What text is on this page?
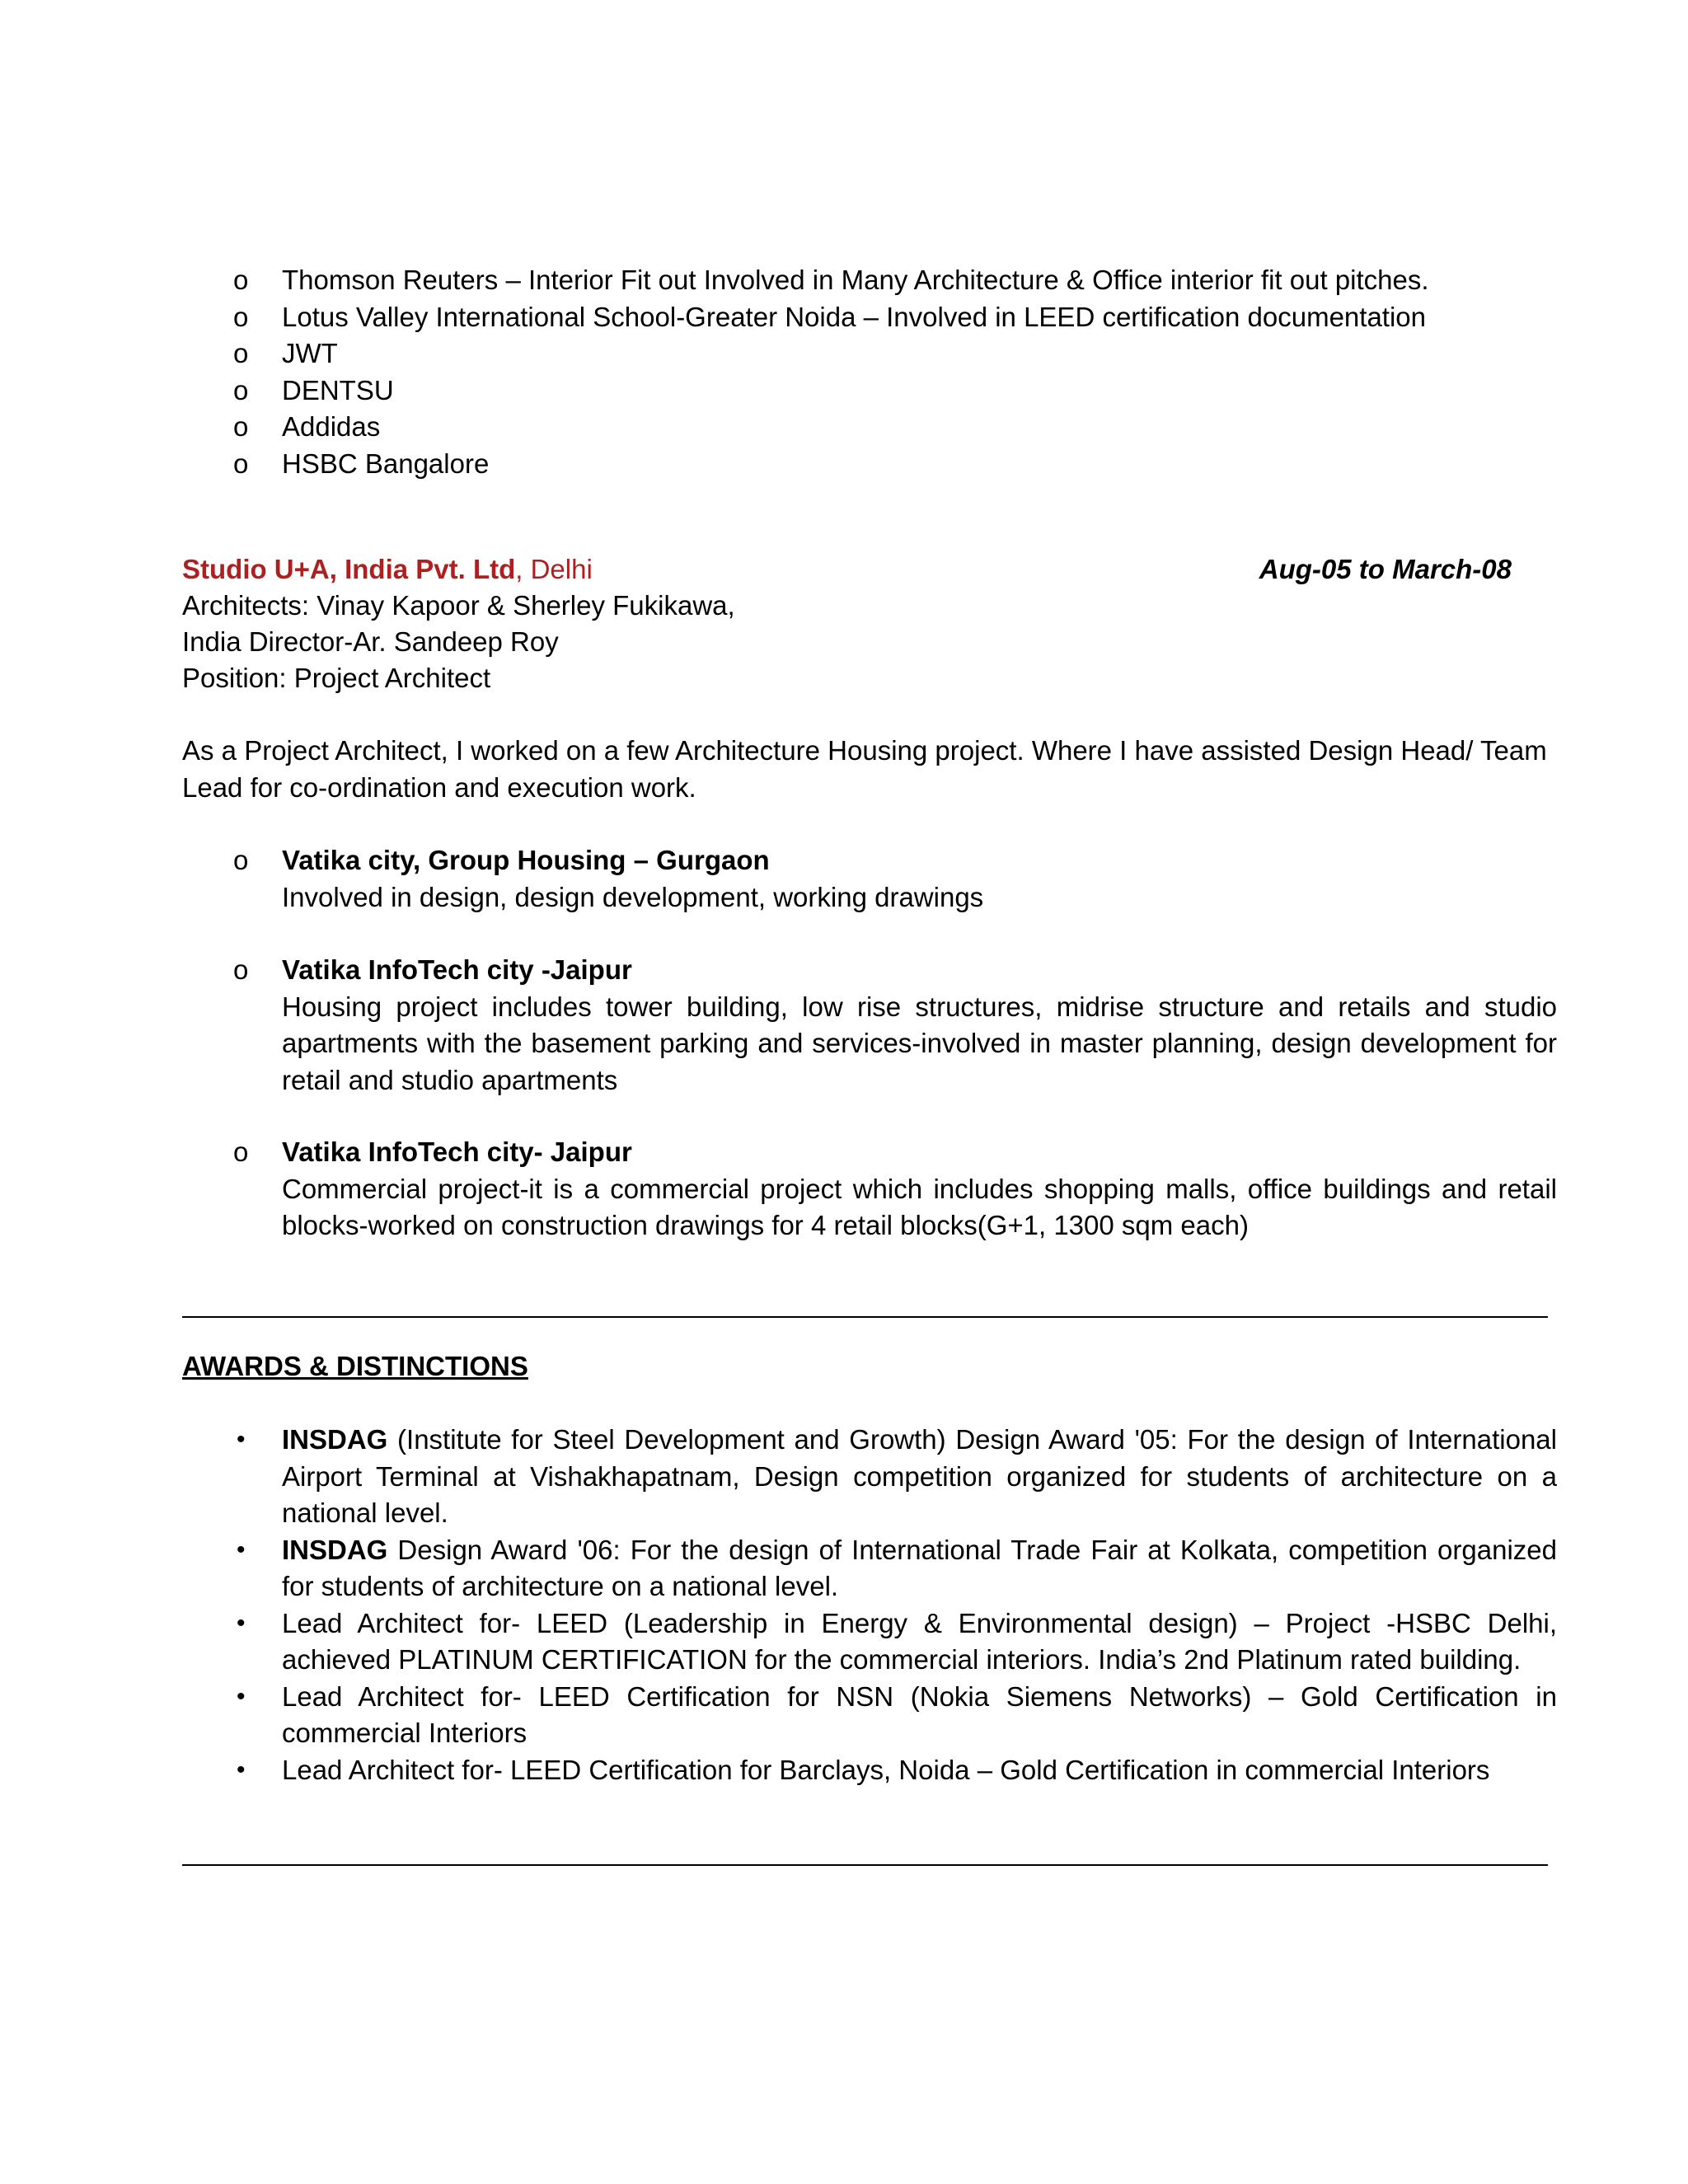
o	Thomson Reuters – Interior Fit out Involved in Many Architecture & Office interior fit out pitches.
o	Lotus Valley International School-Greater Noida – Involved in LEED certification documentation
o	JWT
o	DENTSU
o	Addidas
o	HSBC Bangalore
Studio U+A, India Pvt. Ltd, Delhi	Aug-05 to March-08
Architects: Vinay Kapoor & Sherley Fukikawa,
India Director-Ar. Sandeep Roy
Position: Project Architect
As a Project Architect, I worked on a few Architecture Housing project. Where I have assisted Design Head/ Team Lead for co-ordination and execution work.
o	Vatika city, Group Housing – Gurgaon
Involved in design, design development, working drawings
o	Vatika InfoTech city -Jaipur
Housing project includes tower building, low rise structures, midrise structure and retails and studio apartments with the basement parking and services-involved in master planning, design development for retail and studio apartments
o	Vatika InfoTech city- Jaipur
Commercial project-it is a commercial project which includes shopping malls, office buildings and retail blocks-worked on construction drawings for 4 retail blocks(G+1, 1300 sqm each)
AWARDS & DISTINCTIONS
•	INSDAG (Institute for Steel Development and Growth) Design Award '05: For the design of International Airport Terminal at Vishakhapatnam, Design competition organized for students of architecture on a national level.
•	INSDAG Design Award '06: For the design of International Trade Fair at Kolkata, competition organized for students of architecture on a national level.
•	Lead Architect for- LEED (Leadership in Energy & Environmental design) – Project -HSBC Delhi, achieved PLATINUM CERTIFICATION for the commercial interiors. India’s 2nd Platinum rated building.
•	Lead Architect for- LEED Certification for NSN (Nokia Siemens Networks) – Gold Certification in commercial Interiors
•	Lead Architect for- LEED Certification for Barclays, Noida – Gold Certification in commercial Interiors
